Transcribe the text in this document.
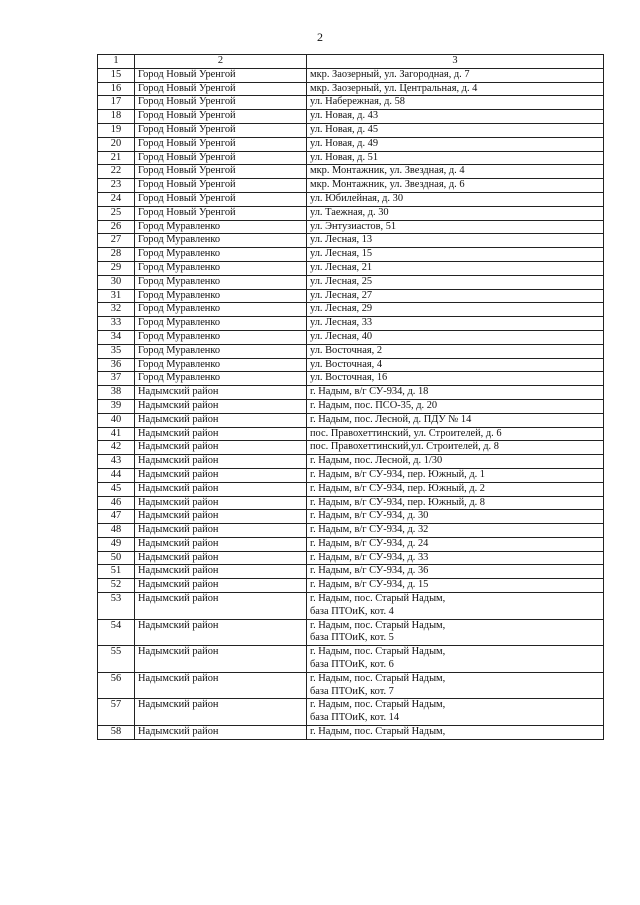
2
1	2	3
15	Город Новый Уренгой	мкр. Заозерный, ул. Загородная, д. 7

16	Город Новый Уренгой	мкр. Заозерный, ул. Центральная, д. 4

17	Город Новый Уренгой	ул. Набережная, д. 58

18	Город Новый Уренгой	ул. Новая, д. 43

19	Город Новый Уренгой	ул. Новая, д. 45

20	Город Новый Уренгой	ул. Новая, д. 49

21	Город Новый Уренгой	ул. Новая, д. 51

22	Город Новый Уренгой	мкр. Монтажник, ул. Звездная, д. 4

23	Город Новый Уренгой	мкр. Монтажник, ул. Звездная, д. 6

24	Город Новый Уренгой	ул. Юбилейная, д. 30

25	Город Новый Уренгой	ул. Таежная, д. 30

26	Город Муравленко	ул. Энтузиастов, 51

27	Город Муравленко	ул. Лесная, 13

28	Город Муравленко	ул. Лесная, 15

29	Город Муравленко	ул. Лесная, 21

30	Город Муравленко	ул. Лесная, 25

31	Город Муравленко	ул. Лесная, 27

32	Город Муравленко	ул. Лесная, 29

33	Город Муравленко	ул. Лесная, 33

34	Город Муравленко	ул. Лесная, 40

35	Город Муравленко	ул. Восточная, 2

36	Город Муравленко	ул. Восточная, 4

37	Город Муравленко	ул. Восточная, 16

38	Надымский район	г. Надым, в/г СУ-934, д. 18

39	Надымский район	г. Надым, пос. ПСО-35, д. 20

40	Надымский район	г. Надым, пос. Лесной, д. ПДУ № 14

41	Надымский район	пос. Правохеттинский, ул. Строителей, д. 6

42	Надымский район	пос. Правохеттинский,ул. Строителей, д. 8

43	Надымский район	г. Надым, пос. Лесной, д. 1/30

44	Надымский район	г. Надым, в/г СУ-934, пер. Южный, д. 1

45	Надымский район	г. Надым, в/г СУ-934, пер. Южный, д. 2

46	Надымский район	г. Надым, в/г СУ-934, пер. Южный, д. 8

47	Надымский район	г. Надым, в/г СУ-934, д. 30

48	Надымский район	г. Надым, в/г СУ-934, д. 32

49	Надымский район	г. Надым, в/г СУ-934, д. 24

50	Надымский район	г. Надым, в/г СУ-934, д. 33

51	Надымский район	г. Надым, в/г СУ-934, д. 36

52	Надымский район	г. Надым, в/г СУ-934, д. 15

53	Надымский район	г. Надым, пос. Старый Надым,
база ПТОиК, кот. 4

54	Надымский район	г. Надым, пос. Старый Надым,
база ПТОиК, кот. 5

55	Надымский район	г. Надым, пос. Старый Надым,
база ПТОиК, кот. 6

56	Надымский район	г. Надым, пос. Старый Надым,
база ПТОиК, кот. 7

57	Надымский район	г. Надым, пос. Старый Надым,
база ПТОиК, кот. 14

58	Надымский район	г. Надым, пос. Старый Надым,
